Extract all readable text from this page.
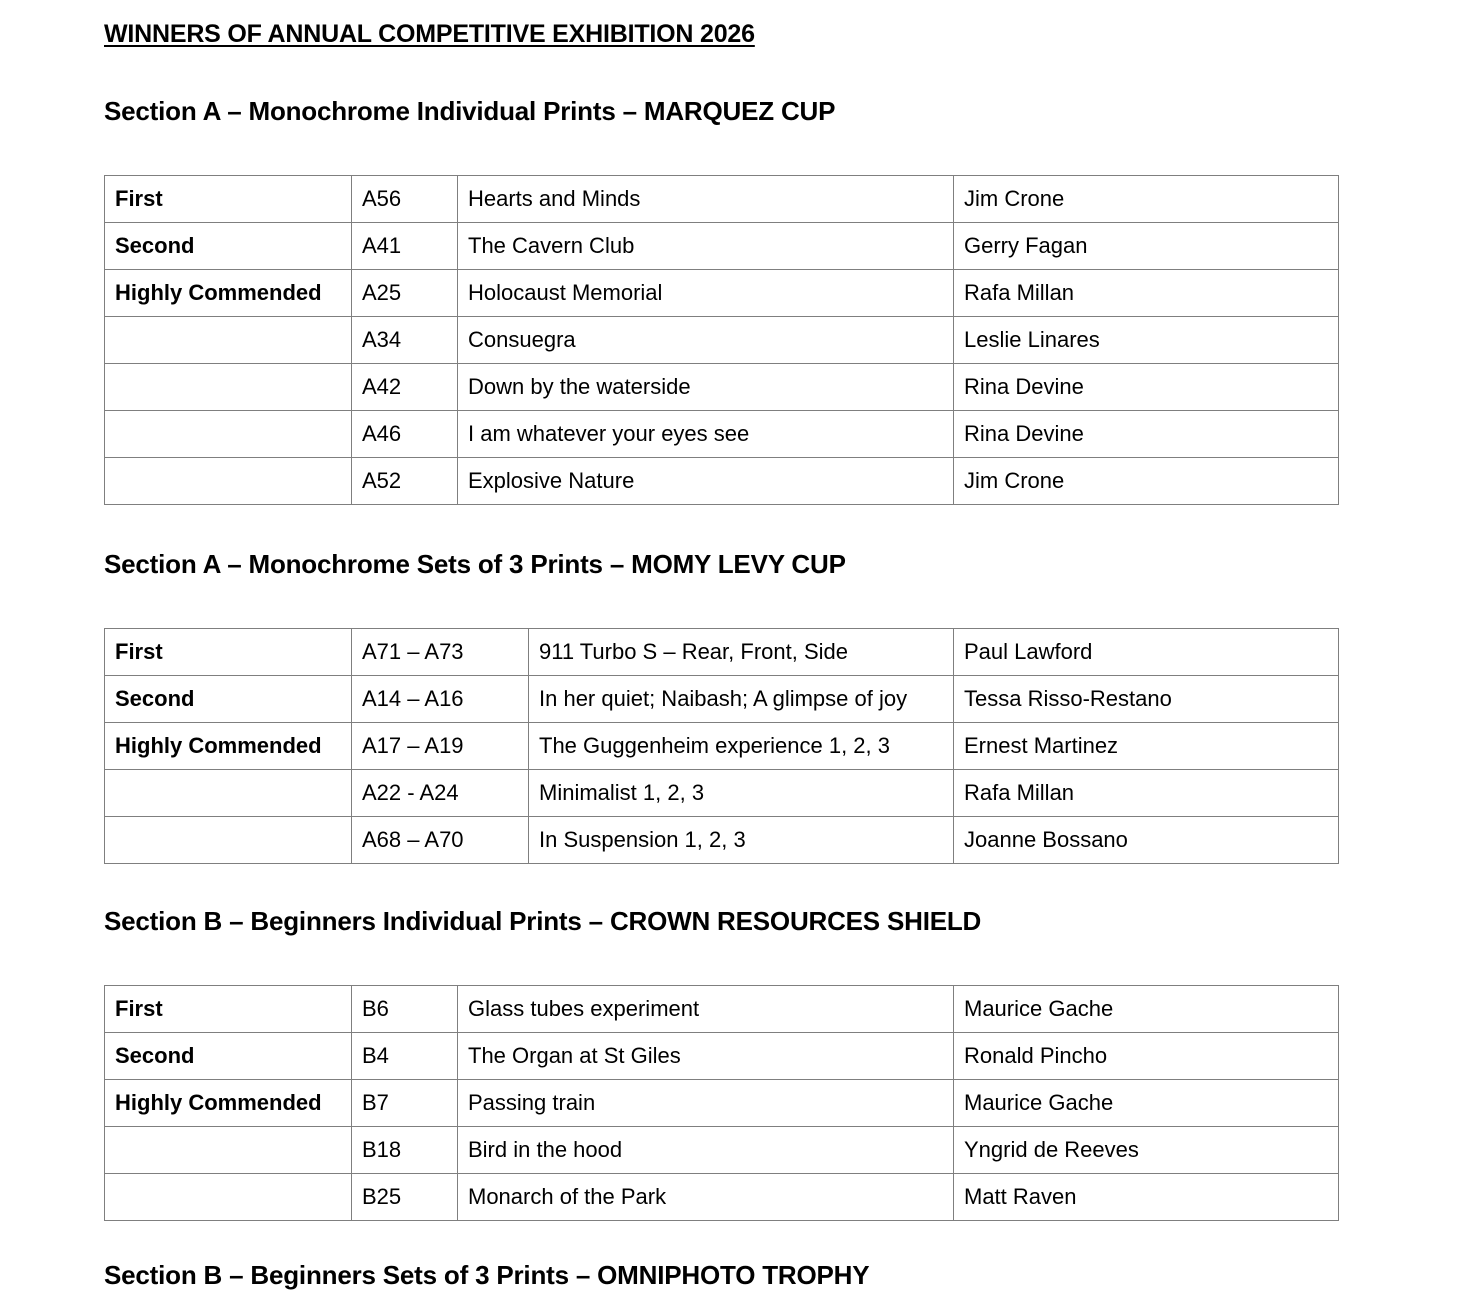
WINNERS OF ANNUAL COMPETITIVE EXHIBITION 2026
Section A – Monochrome Individual Prints – MARQUEZ CUP
First	A56	Hearts and Minds	Jim Crone
Second	A41	The Cavern Club	Gerry Fagan
Highly Commended	A25	Holocaust Memorial	Rafa Millan
	A34	Consuegra	Leslie Linares
	A42	Down by the waterside	Rina Devine
	A46	I am whatever your eyes see	Rina Devine
	A52	Explosive Nature	Jim Crone
Section A – Monochrome Sets of 3 Prints – MOMY LEVY CUP
First	A71 – A73	911 Turbo S – Rear, Front, Side	Paul Lawford
Second	A14 – A16	In her quiet; Naibash; A glimpse of joy	Tessa Risso-Restano
Highly Commended	A17 – A19	The Guggenheim experience 1, 2, 3	Ernest Martinez
	A22 - A24	Minimalist 1, 2, 3	Rafa Millan
	A68 – A70	In Suspension 1, 2, 3	Joanne Bossano
Section B – Beginners Individual Prints – CROWN RESOURCES SHIELD
First	B6	Glass tubes experiment	Maurice Gache
Second	B4	The Organ at St Giles	Ronald Pincho
Highly Commended	B7	Passing train	Maurice Gache
	B18	Bird in the hood	Yngrid de Reeves
	B25	Monarch of the Park	Matt Raven
Section B – Beginners Sets of 3 Prints – OMNIPHOTO TROPHY
